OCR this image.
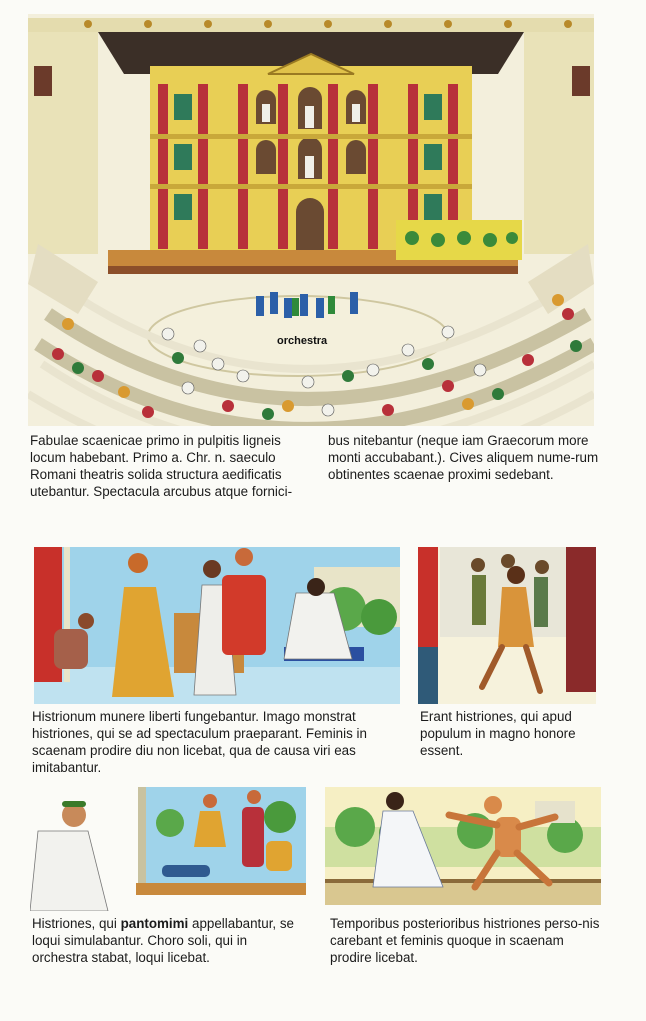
orchestra

Fabulae scaenicae primo in pulpitis ligneis locum habebant. Primo a. Chr. n. saeculo Romani theatris solida structura aedificatis utebantur. Spectacula arcubus atque fornici-

bus nitebantur (neque iam Graecorum more monti accubabant.). Cives aliquem nume-rum obtinentes scaenae proximi sedebant.

Histrionum munere liberti fungebantur. Imago monstrat histriones, qui se ad spectaculum praeparant. Feminis in scaenam prodire diu non licebat, qua de causa viri eas imitabantur.

Erant histriones, qui apud populum in magno honore essent.

Histriones, qui pantomimi appellabantur, se loqui simulabantur. Choro soli, qui in orchestra stabat, loqui licebat.

Temporibus posterioribus histriones perso-nis carebant et feminis quoque in scaenam prodire licebat.
